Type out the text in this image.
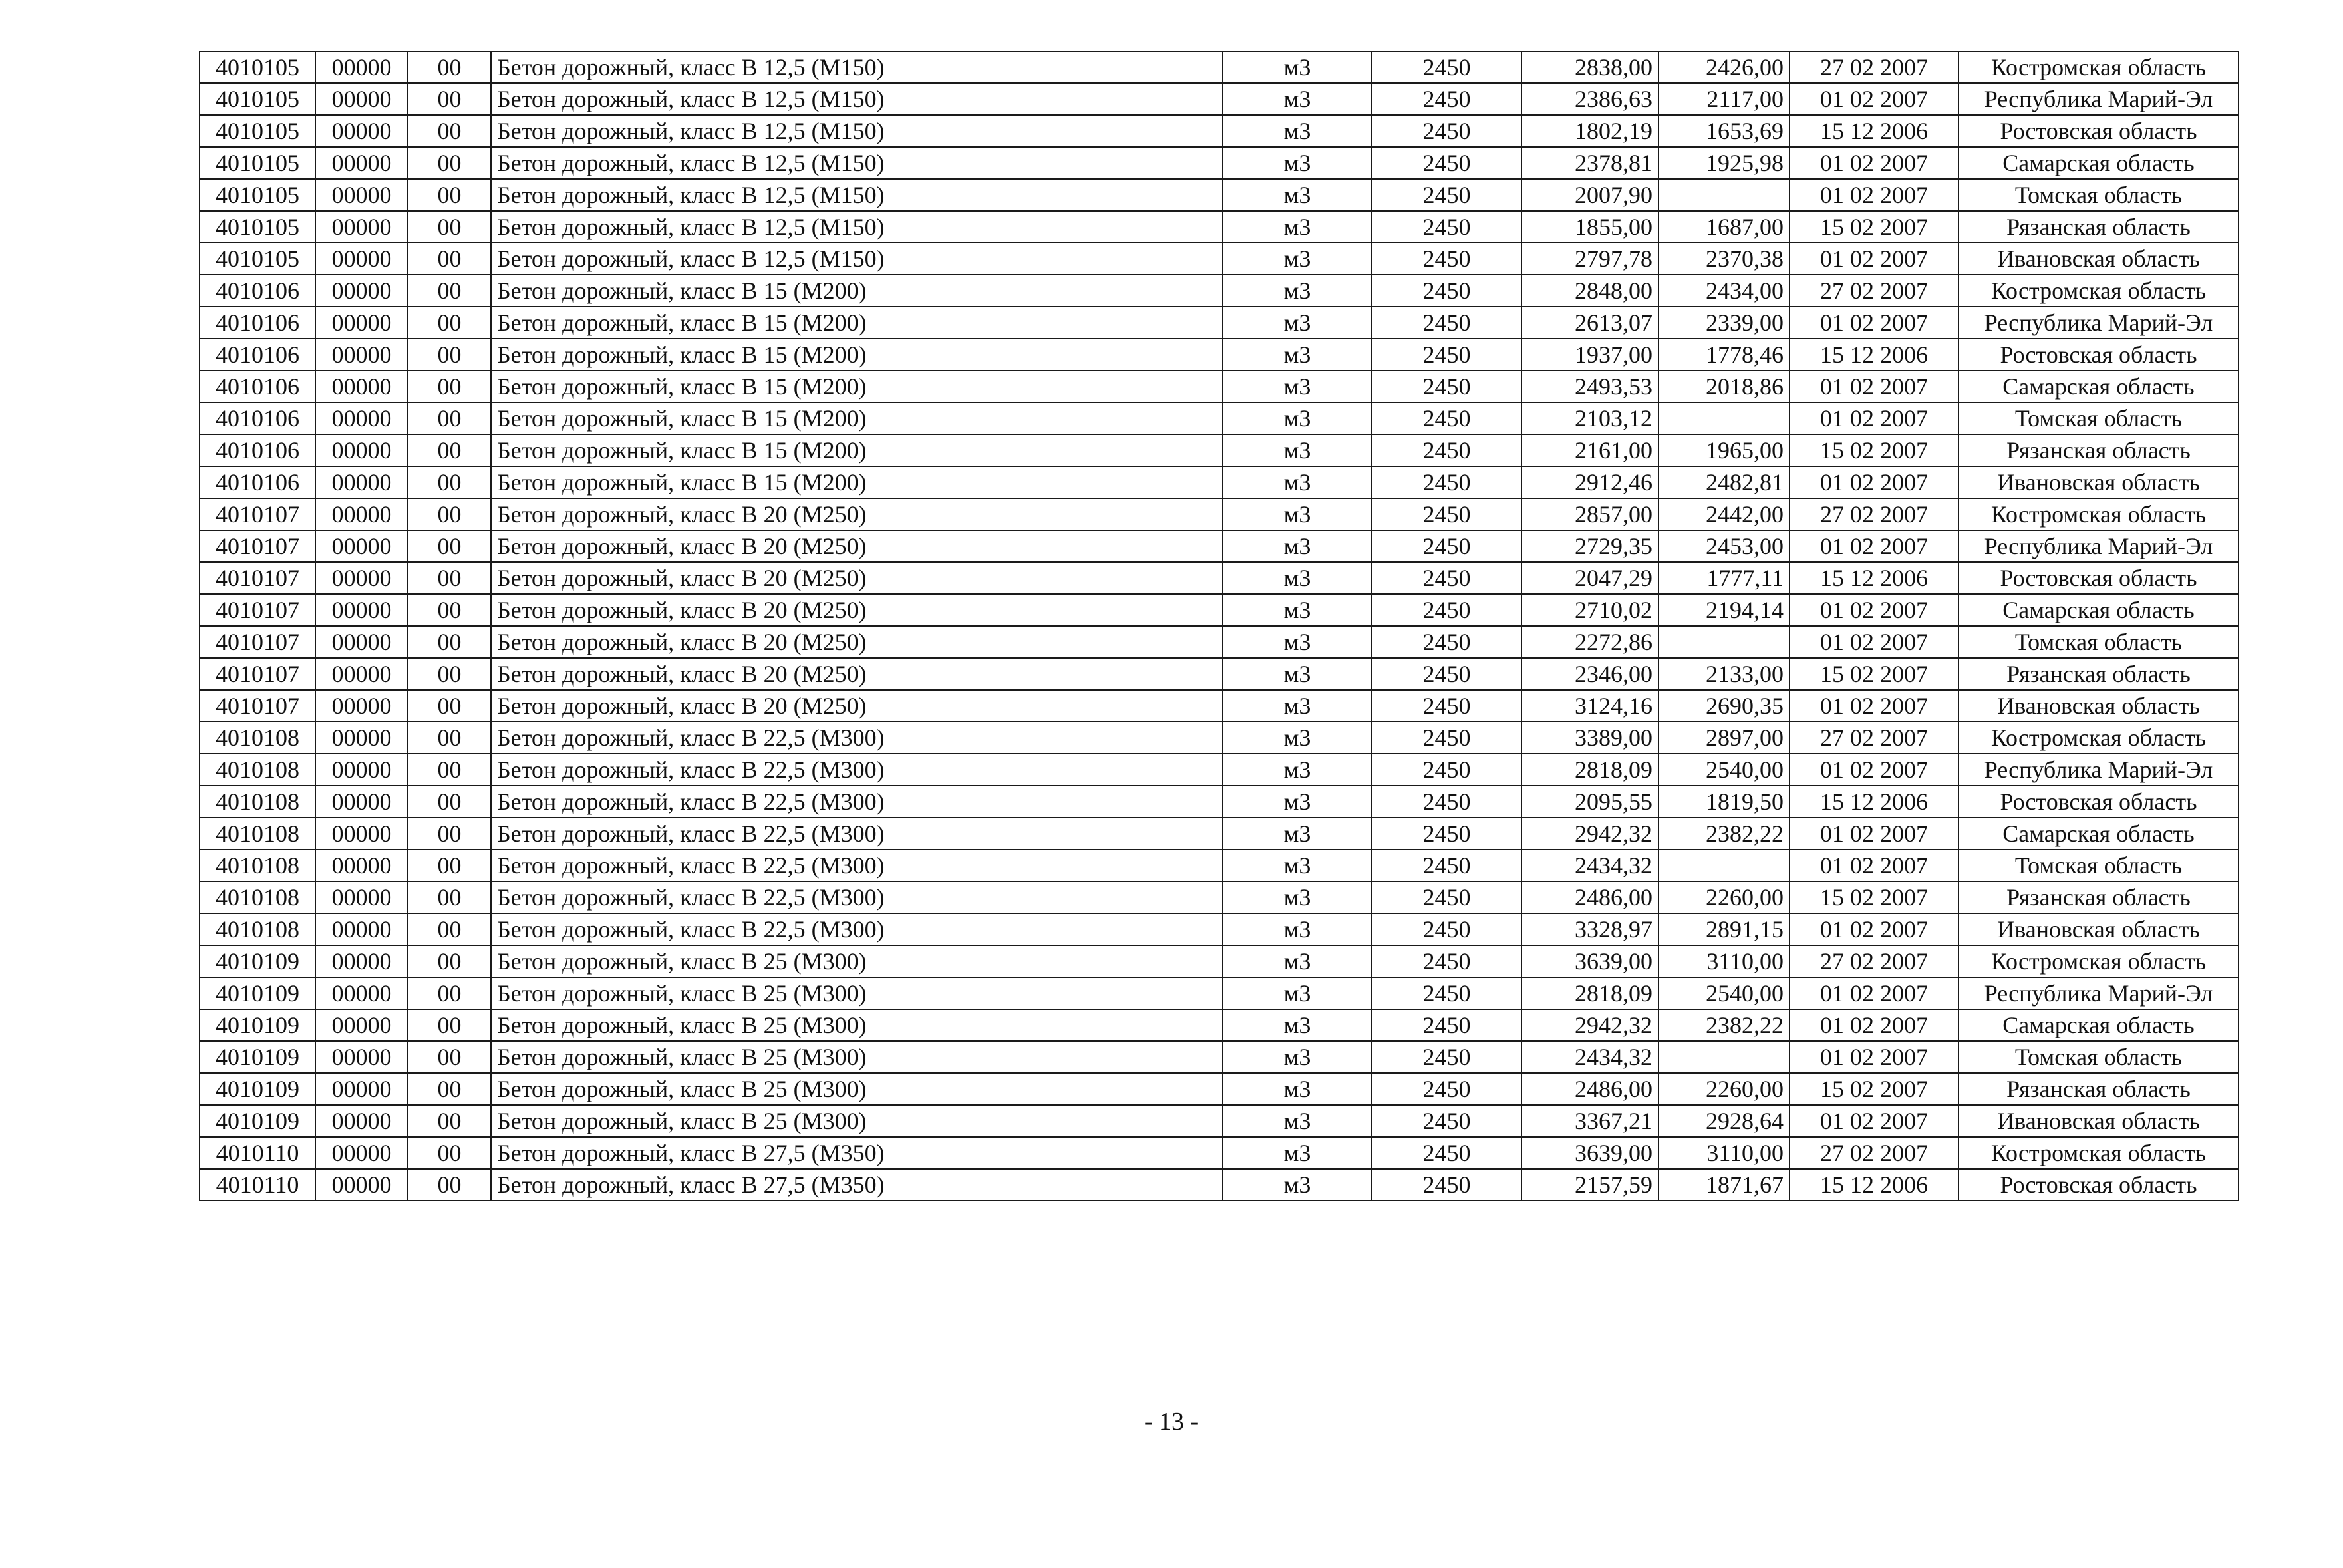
4010105	00000	00	Бетон дорожный, класс В 12,5 (М150)	м3	2450	2838,00	2426,00	27 02 2007	Костромская область
4010105	00000	00	Бетон дорожный, класс В 12,5 (М150)	м3	2450	2386,63	2117,00	01 02 2007	Республика Марий-Эл
4010105	00000	00	Бетон дорожный, класс В 12,5 (М150)	м3	2450	1802,19	1653,69	15 12 2006	Ростовская область
4010105	00000	00	Бетон дорожный, класс В 12,5 (М150)	м3	2450	2378,81	1925,98	01 02 2007	Самарская область
4010105	00000	00	Бетон дорожный, класс В 12,5 (М150)	м3	2450	2007,90		01 02 2007	Томская область
4010105	00000	00	Бетон дорожный, класс В 12,5 (М150)	м3	2450	1855,00	1687,00	15 02 2007	Рязанская область
4010105	00000	00	Бетон дорожный, класс В 12,5 (М150)	м3	2450	2797,78	2370,38	01 02 2007	Ивановская область
4010106	00000	00	Бетон дорожный, класс В 15 (М200)	м3	2450	2848,00	2434,00	27 02 2007	Костромская область
4010106	00000	00	Бетон дорожный, класс В 15 (М200)	м3	2450	2613,07	2339,00	01 02 2007	Республика Марий-Эл
4010106	00000	00	Бетон дорожный, класс В 15 (М200)	м3	2450	1937,00	1778,46	15 12 2006	Ростовская область
4010106	00000	00	Бетон дорожный, класс В 15 (М200)	м3	2450	2493,53	2018,86	01 02 2007	Самарская область
4010106	00000	00	Бетон дорожный, класс В 15 (М200)	м3	2450	2103,12		01 02 2007	Томская область
4010106	00000	00	Бетон дорожный, класс В 15 (М200)	м3	2450	2161,00	1965,00	15 02 2007	Рязанская область
4010106	00000	00	Бетон дорожный, класс В 15 (М200)	м3	2450	2912,46	2482,81	01 02 2007	Ивановская область
4010107	00000	00	Бетон дорожный, класс В 20 (М250)	м3	2450	2857,00	2442,00	27 02 2007	Костромская область
4010107	00000	00	Бетон дорожный, класс В 20 (М250)	м3	2450	2729,35	2453,00	01 02 2007	Республика Марий-Эл
4010107	00000	00	Бетон дорожный, класс В 20 (М250)	м3	2450	2047,29	1777,11	15 12 2006	Ростовская область
4010107	00000	00	Бетон дорожный, класс В 20 (М250)	м3	2450	2710,02	2194,14	01 02 2007	Самарская область
4010107	00000	00	Бетон дорожный, класс В 20 (М250)	м3	2450	2272,86		01 02 2007	Томская область
4010107	00000	00	Бетон дорожный, класс В 20 (М250)	м3	2450	2346,00	2133,00	15 02 2007	Рязанская область
4010107	00000	00	Бетон дорожный, класс В 20 (М250)	м3	2450	3124,16	2690,35	01 02 2007	Ивановская область
4010108	00000	00	Бетон дорожный, класс В 22,5 (М300)	м3	2450	3389,00	2897,00	27 02 2007	Костромская область
4010108	00000	00	Бетон дорожный, класс В 22,5 (М300)	м3	2450	2818,09	2540,00	01 02 2007	Республика Марий-Эл
4010108	00000	00	Бетон дорожный, класс В 22,5 (М300)	м3	2450	2095,55	1819,50	15 12 2006	Ростовская область
4010108	00000	00	Бетон дорожный, класс В 22,5 (М300)	м3	2450	2942,32	2382,22	01 02 2007	Самарская область
4010108	00000	00	Бетон дорожный, класс В 22,5 (М300)	м3	2450	2434,32		01 02 2007	Томская область
4010108	00000	00	Бетон дорожный, класс В 22,5 (М300)	м3	2450	2486,00	2260,00	15 02 2007	Рязанская область
4010108	00000	00	Бетон дорожный, класс В 22,5 (М300)	м3	2450	3328,97	2891,15	01 02 2007	Ивановская область
4010109	00000	00	Бетон дорожный, класс В 25 (М300)	м3	2450	3639,00	3110,00	27 02 2007	Костромская область
4010109	00000	00	Бетон дорожный, класс В 25 (М300)	м3	2450	2818,09	2540,00	01 02 2007	Республика Марий-Эл
4010109	00000	00	Бетон дорожный, класс В 25 (М300)	м3	2450	2942,32	2382,22	01 02 2007	Самарская область
4010109	00000	00	Бетон дорожный, класс В 25 (М300)	м3	2450	2434,32		01 02 2007	Томская область
4010109	00000	00	Бетон дорожный, класс В 25 (М300)	м3	2450	2486,00	2260,00	15 02 2007	Рязанская область
4010109	00000	00	Бетон дорожный, класс В 25 (М300)	м3	2450	3367,21	2928,64	01 02 2007	Ивановская область
4010110	00000	00	Бетон дорожный, класс В 27,5 (М350)	м3	2450	3639,00	3110,00	27 02 2007	Костромская область
4010110	00000	00	Бетон дорожный, класс В 27,5 (М350)	м3	2450	2157,59	1871,67	15 12 2006	Ростовская область
- 13 -
